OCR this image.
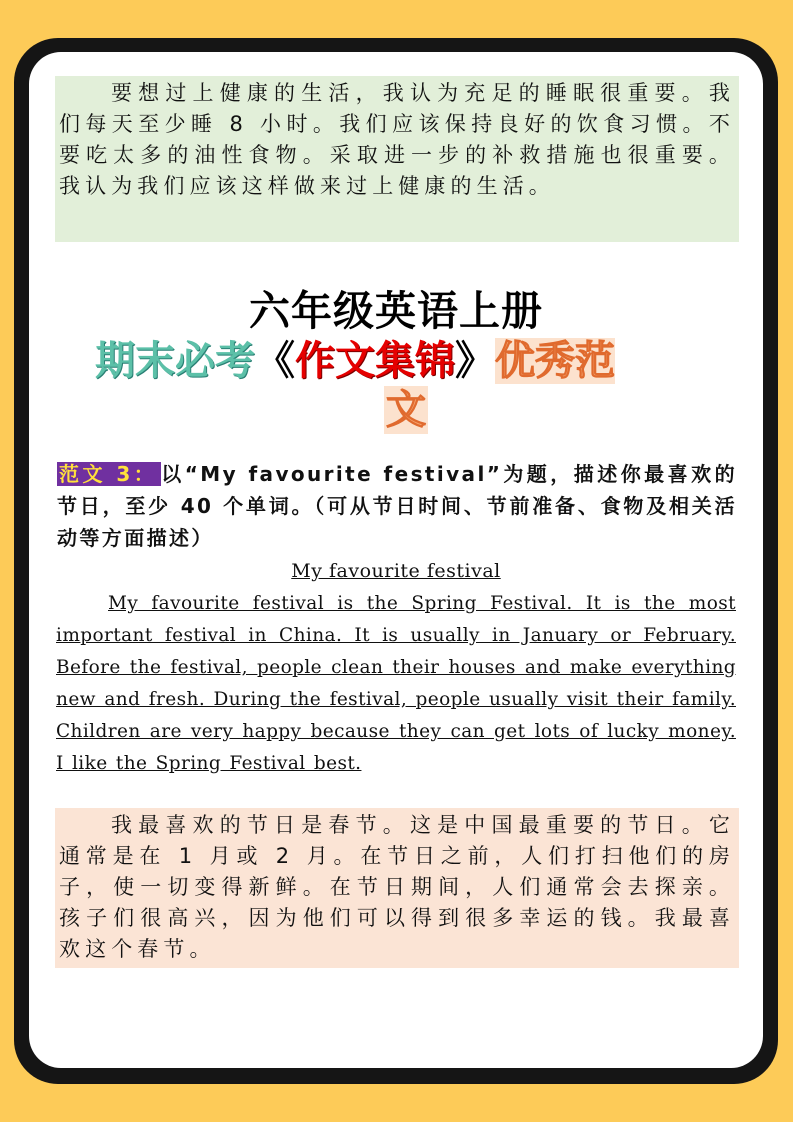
要想过上健康的生活，我认为充足的睡眠很重要。我们每天至少睡 8 小时。我们应该保持良好的饮食习惯。不要吃太多的油性食物。采取进一步的补救措施也很重要。我认为我们应该这样做来过上健康的生活。
六年级英语上册
期末必考《作文集锦》优秀范
文
范文 3： 以“My favourite festival”为题，描述你最喜欢的节日，至少 40 个单词。（可从节日时间、节前准备、食物及相关活动等方面描述）
My favourite festival
My favourite festival is the Spring Festival. It is the most important festival in China. It is usually in January or February. Before the festival, people clean their houses and make everything new and fresh. During the festival, people usually visit their family. Children are very happy because they can get lots of lucky money. I like the Spring Festival best.
我最喜欢的节日是春节。这是中国最重要的节日。它通常是在 1 月或 2 月。在节日之前，人们打扫他们的房子，使一切变得新鲜。在节日期间，人们通常会去探亲。孩子们很高兴，因为他们可以得到很多幸运的钱。我最喜欢这个春节。
